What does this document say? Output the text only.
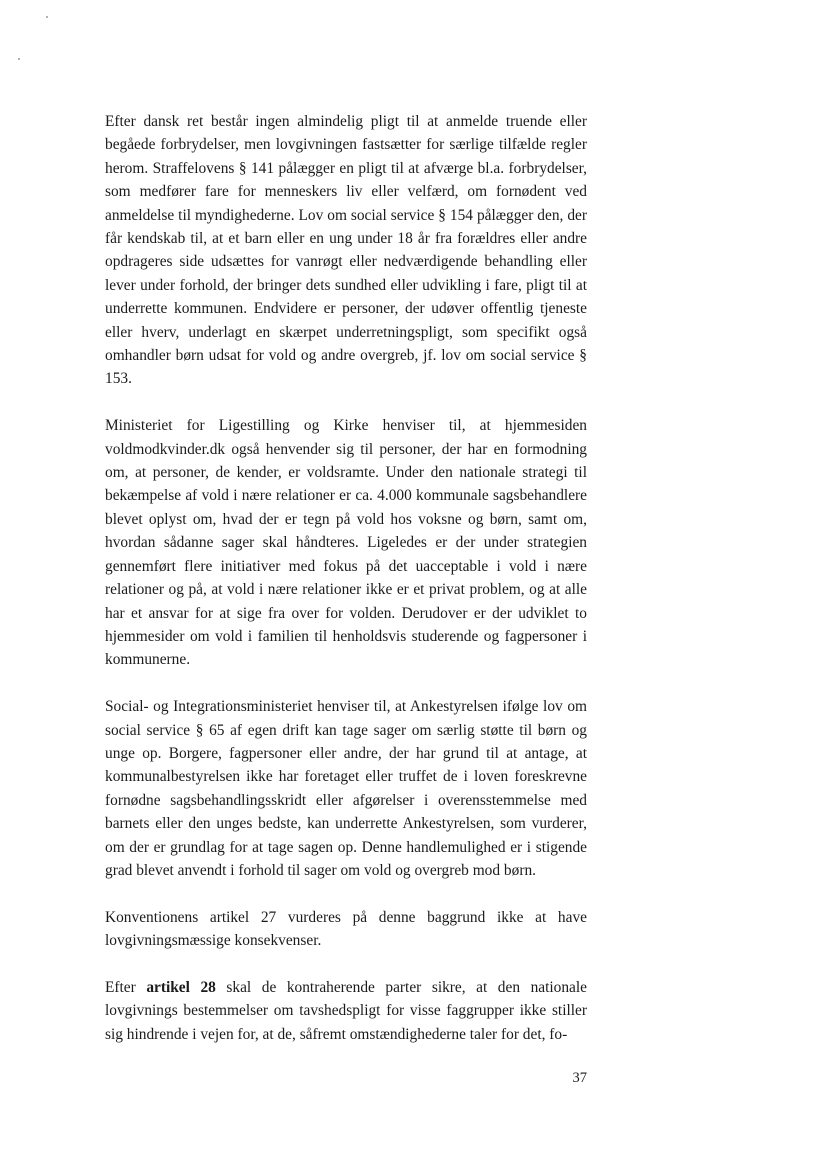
Efter dansk ret består ingen almindelig pligt til at anmelde truende eller begåede forbrydelser, men lovgivningen fastsætter for særlige tilfælde regler herom. Straffelovens § 141 pålægger en pligt til at afværge bl.a. forbrydelser, som medfører fare for menneskers liv eller velfærd, om fornødent ved anmeldelse til myndighederne. Lov om social service § 154 pålægger den, der får kendskab til, at et barn eller en ung under 18 år fra forældres eller andre opdrageres side udsættes for vanrøgt eller nedværdigende behandling eller lever under forhold, der bringer dets sundhed eller udvikling i fare, pligt til at underrette kommunen. Endvidere er personer, der udøver offentlig tjeneste eller hverv, underlagt en skærpet underretningspligt, som specifikt også omhandler børn udsat for vold og andre overgreb, jf. lov om social service § 153.

Ministeriet for Ligestilling og Kirke henviser til, at hjemmesiden voldmodkvinder.dk også henvender sig til personer, der har en formodning om, at personer, de kender, er voldsramte. Under den nationale strategi til bekæmpelse af vold i nære relationer er ca. 4.000 kommunale sagsbehandlere blevet oplyst om, hvad der er tegn på vold hos voksne og børn, samt om, hvordan sådanne sager skal håndteres. Ligeledes er der under strategien gennemført flere initiativer med fokus på det uacceptable i vold i nære relationer og på, at vold i nære relationer ikke er et privat problem, og at alle har et ansvar for at sige fra over for volden. Derudover er der udviklet to hjemmesider om vold i familien til henholdsvis studerende og fagpersoner i kommunerne.

Social- og Integrationsministeriet henviser til, at Ankestyrelsen ifølge lov om social service § 65 af egen drift kan tage sager om særlig støtte til børn og unge op. Borgere, fagpersoner eller andre, der har grund til at antage, at kommunalbestyrelsen ikke har foretaget eller truffet de i loven foreskrevne fornødne sagsbehandlingsskridt eller afgørelser i overensstemmelse med barnets eller den unges bedste, kan underrette Ankestyrelsen, som vurderer, om der er grundlag for at tage sagen op. Denne handlemulighed er i stigende grad blevet anvendt i forhold til sager om vold og overgreb mod børn.

Konventionens artikel 27 vurderes på denne baggrund ikke at have lovgivningsmæssige konsekvenser.

Efter artikel 28 skal de kontraherende parter sikre, at den nationale lovgivnings bestemmelser om tavshedspligt for visse faggrupper ikke stiller sig hindrende i vejen for, at de, såfremt omstændighederne taler for det, fo-

37
